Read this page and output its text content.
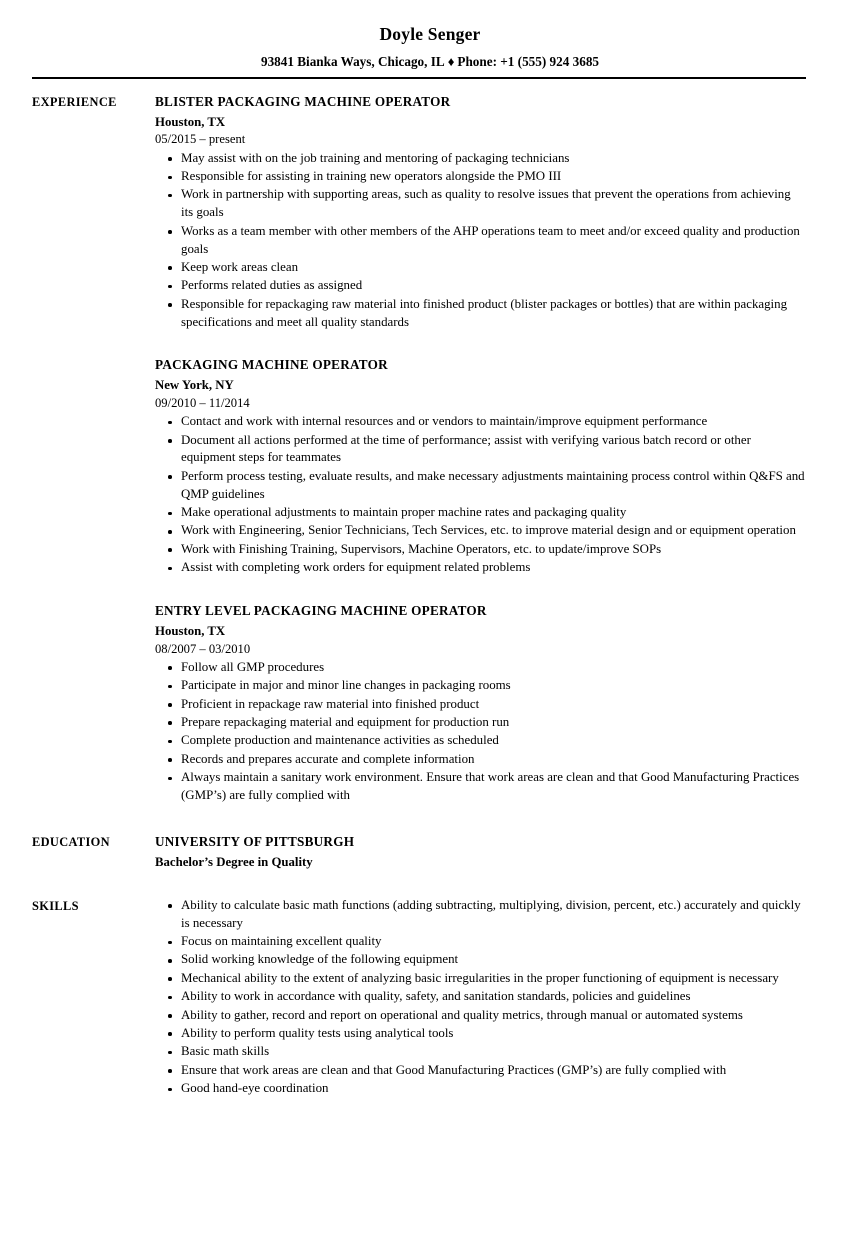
Doyle Senger
93841 Bianka Ways, Chicago, IL ♦ Phone: +1 (555) 924 3685
EXPERIENCE	BLISTER PACKAGING MACHINE OPERATOR
Houston, TX
05/2015 – present
May assist with on the job training and mentoring of packaging technicians
Responsible for assisting in training new operators alongside the PMO III
Work in partnership with supporting areas, such as quality to resolve issues that prevent the operations from achieving its goals
Works as a team member with other members of the AHP operations team to meet and/or exceed quality and production goals
Keep work areas clean
Performs related duties as assigned
Responsible for repackaging raw material into finished product (blister packages or bottles) that are within packaging specifications and meet all quality standards
PACKAGING MACHINE OPERATOR
New York, NY
09/2010 – 11/2014
Contact and work with internal resources and or vendors to maintain/improve equipment performance
Document all actions performed at the time of performance; assist with verifying various batch record or other equipment steps for teammates
Perform process testing, evaluate results, and make necessary adjustments maintaining process control within Q&FS and QMP guidelines
Make operational adjustments to maintain proper machine rates and packaging quality
Work with Engineering, Senior Technicians, Tech Services, etc. to improve material design and or equipment operation
Work with Finishing Training, Supervisors, Machine Operators, etc. to update/improve SOPs
Assist with completing work orders for equipment related problems
ENTRY LEVEL PACKAGING MACHINE OPERATOR
Houston, TX
08/2007 – 03/2010
Follow all GMP procedures
Participate in major and minor line changes in packaging rooms
Proficient in repackage raw material into finished product
Prepare repackaging material and equipment for production run
Complete production and maintenance activities as scheduled
Records and prepares accurate and complete information
Always maintain a sanitary work environment. Ensure that work areas are clean and that Good Manufacturing Practices (GMP’s) are fully complied with
EDUCATION	UNIVERSITY OF PITTSBURGH
Bachelor’s Degree in Quality
SKILLS	Ability to calculate basic math functions (adding subtracting, multiplying, division, percent, etc.) accurately and quickly is necessary
Focus on maintaining excellent quality
Solid working knowledge of the following equipment
Mechanical ability to the extent of analyzing basic irregularities in the proper functioning of equipment is necessary
Ability to work in accordance with quality, safety, and sanitation standards, policies and guidelines
Ability to gather, record and report on operational and quality metrics, through manual or automated systems
Ability to perform quality tests using analytical tools
Basic math skills
Ensure that work areas are clean and that Good Manufacturing Practices (GMP’s) are fully complied with
Good hand-eye coordination
